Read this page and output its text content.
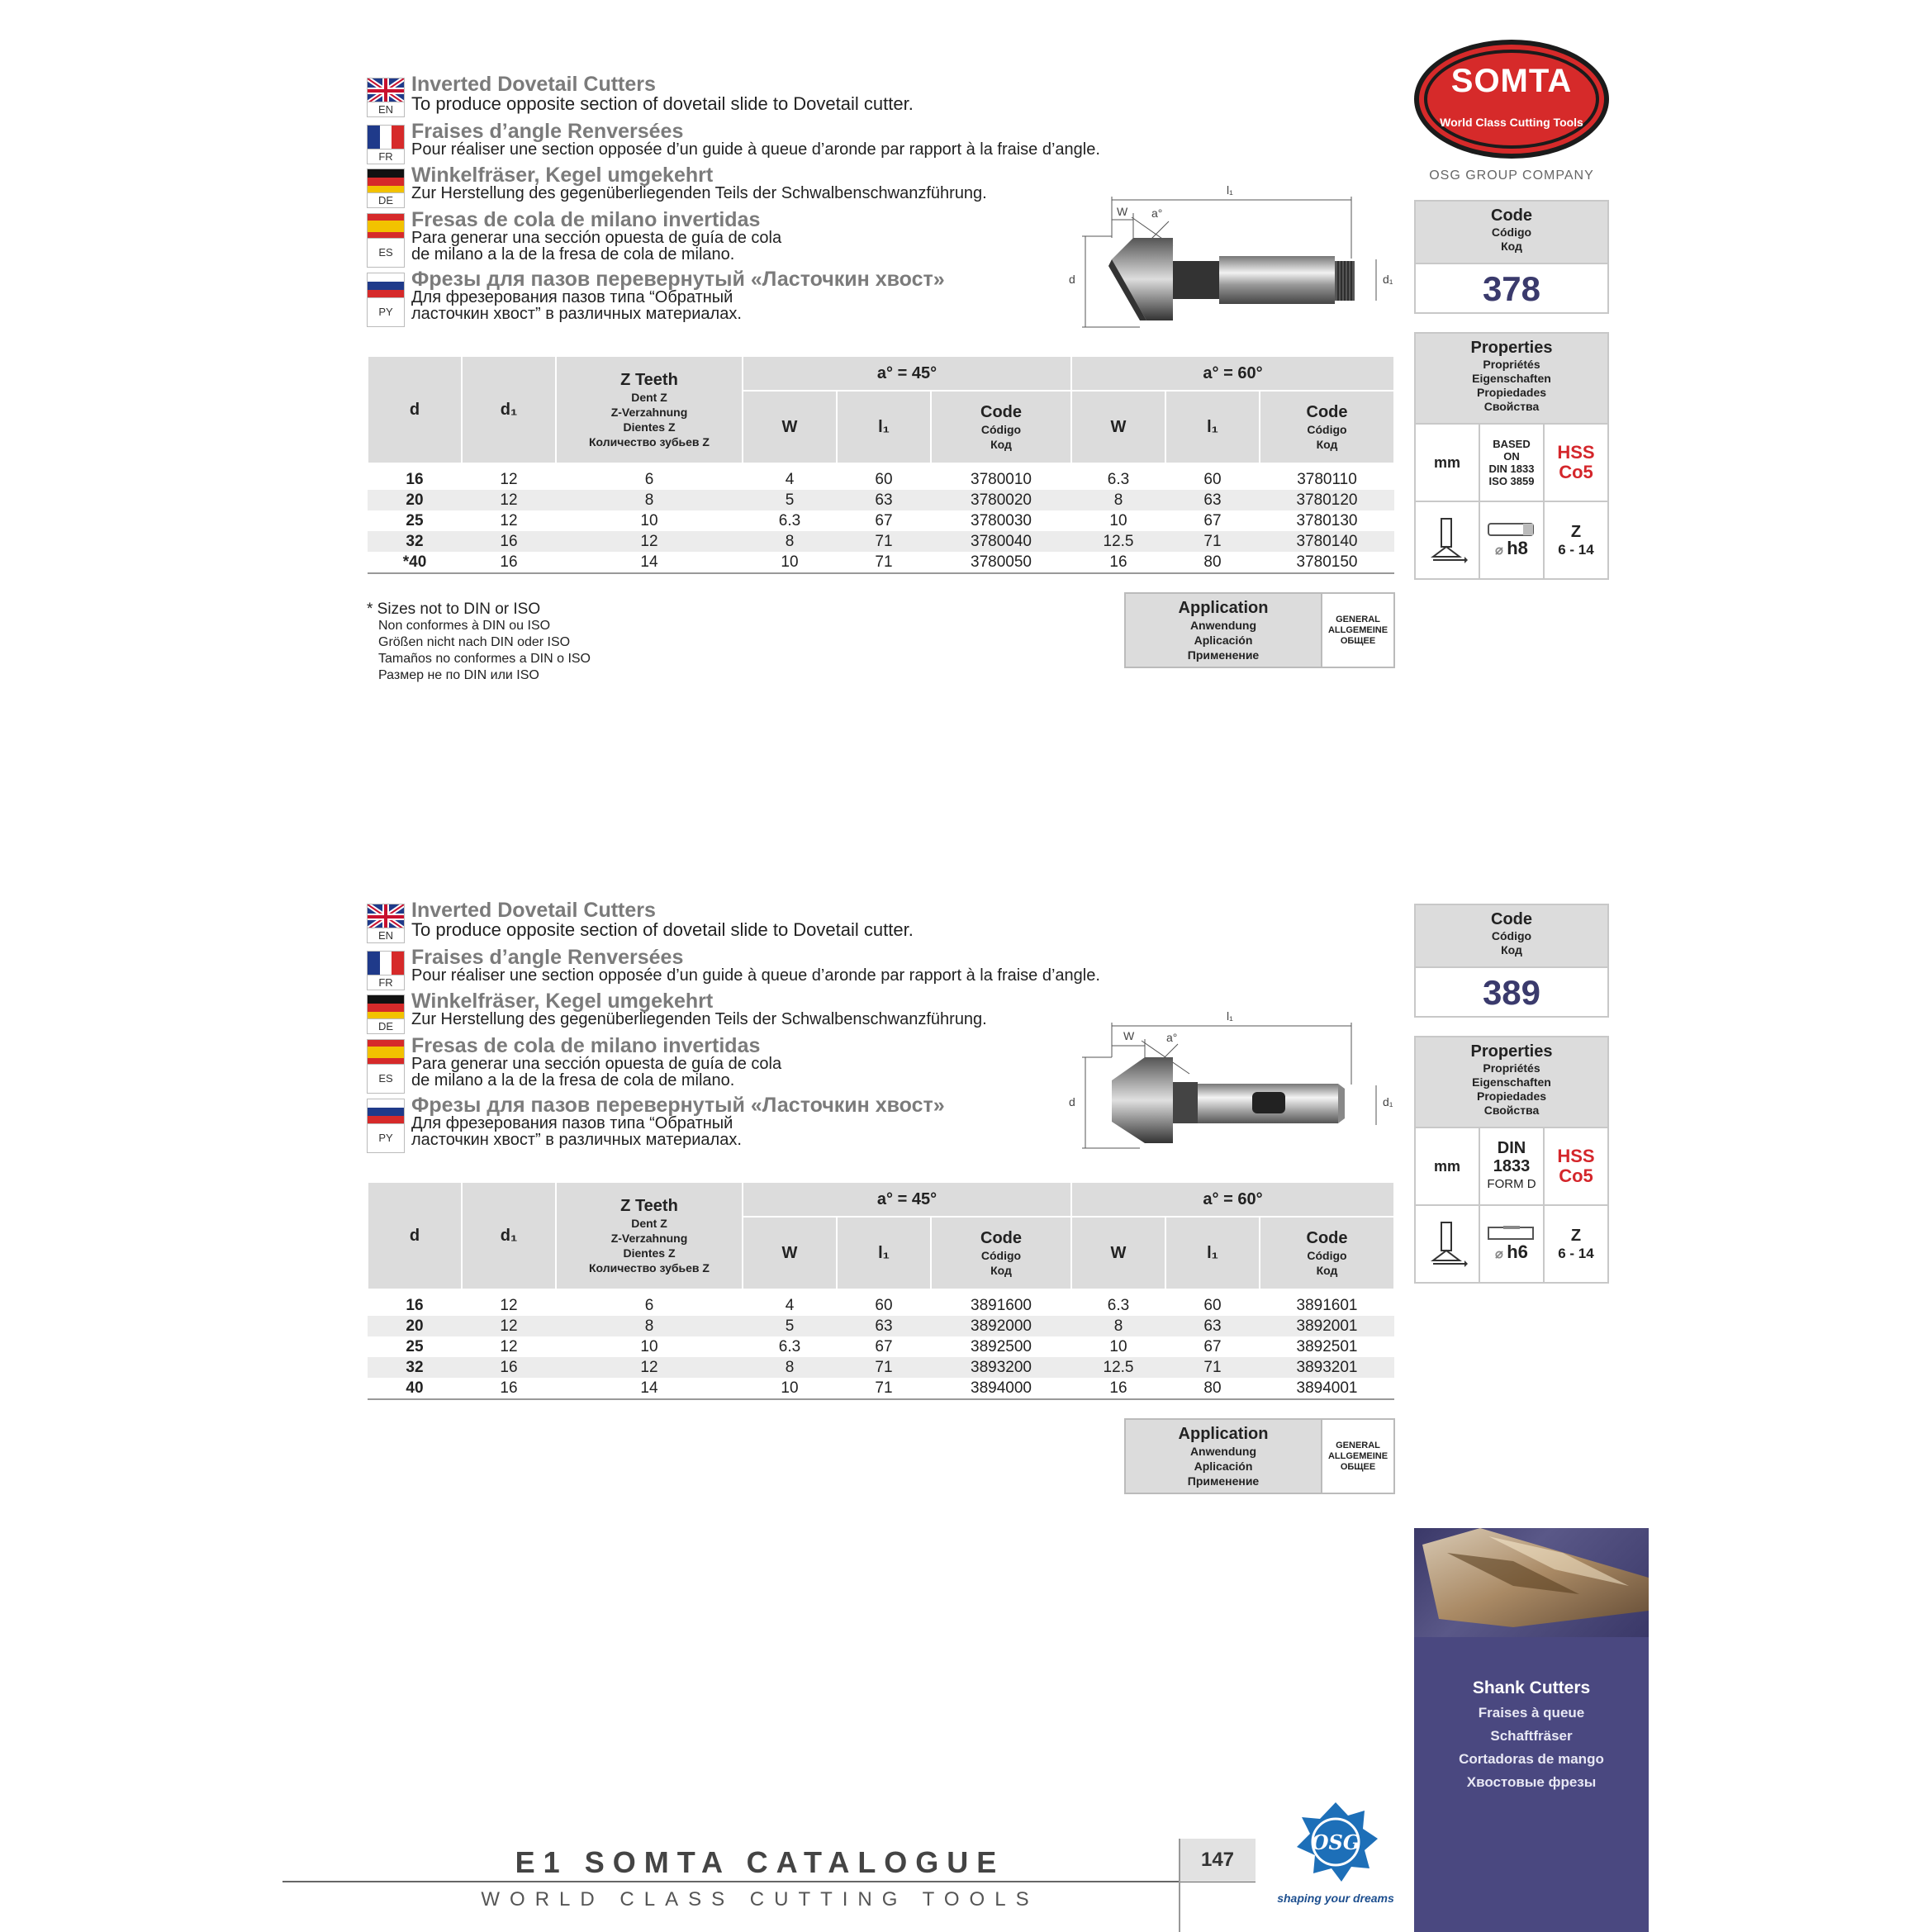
SOMTA
World Class Cutting Tools
OSG GROUP COMPANY
EN
Inverted Dovetail Cutters
To produce opposite section of dovetail slide to Dovetail cutter.
FR
Fraises d’angle Renversées
Pour réaliser une section opposée d’un guide à queue d’aronde par rapport à la fraise d’angle.
DE
Winkelfräser, Kegel umgekehrt
Zur Herstellung des gegenüberliegenden Teils der Schwalbenschwanzführung.
ES
Fresas de cola de milano invertidas
Para generar una sección opuesta de guía de cola
de milano a la de la fresa de cola de milano.
PY
Фрезы для пазов перевернутый «Ласточкин хвост»
Для фрезерования пазов типа “Обратный
ласточкин хвост” в различных материалах.
l₁
W a°
d	d₁
Code
Código
Код
378
Properties
Propriétés
Eigenschaften
Propiedades
Свойства
mm
BASED
ON
DIN 1833
ISO 3859
HSS
Co5
⌀ h8
Z
6 - 14
d	d₁	Z Teeth
Dent Z
Z-Verzahnung
Dientes Z
Количество зубьев Z	a° = 45°			a° = 60°		
			W	l₁	Code
Código
Код	W	l₁	Code
Código
Код

16	12	6	4	60	3780010	6.3	60	3780110
20	12	8	5	63	3780020	8	63	3780120
25	12	10	6.3	67	3780030	10	67	3780130
32	16	12	8	71	3780040	12.5	71	3780140
*40	16	14	10	71	3780050	16	80	3780150
* Sizes not to DIN or ISO
Non conformes à DIN ou ISO
Größen nicht nach DIN oder ISO
Tamaños no conformes a DIN o ISO
Размер не по DIN или ISO
Application
Anwendung
Aplicación
Применение
GENERAL
ALLGEMEINE
ОБЩЕЕ
EN
Inverted Dovetail Cutters
To produce opposite section of dovetail slide to Dovetail cutter.
FR
Fraises d’angle Renversées
Pour réaliser une section opposée d’un guide à queue d’aronde par rapport à la fraise d’angle.
DE
Winkelfräser, Kegel umgekehrt
Zur Herstellung des gegenüberliegenden Teils der Schwalbenschwanzführung.
ES
Fresas de cola de milano invertidas
Para generar una sección opuesta de guía de cola
de milano a la de la fresa de cola de milano.
PY
Фрезы для пазов перевернутый «Ласточкин хвост»
Для фрезерования пазов типа “Обратный
ласточкин хвост” в различных материалах.
l₁
W	a°
d	d₁
Code
Código
Код
389
Properties
Propriétés
Eigenschaften
Propiedades
Свойства
mm
DIN
1833
FORM D
HSS
Co5
⌀ h6
Z
6 - 14
d	d₁	Z Teeth
Dent Z
Z-Verzahnung
Dientes Z
Количество зубьев Z	a° = 45°			a° = 60°		
			W	l₁	Code
Código
Код	W	l₁	Code
Código
Код

16	12	6	4	60	3891600	6.3	60	3891601
20	12	8	5	63	3892000	8	63	3892001
25	12	10	6.3	67	3892500	10	67	3892501
32	16	12	8	71	3893200	12.5	71	3893201
40	16	14	10	71	3894000	16	80	3894001
Application
Anwendung
Aplicación
Применение
GENERAL
ALLGEMEINE
ОБЩЕЕ
Shank Cutters
Fraises à queue
Schaftfräser
Cortadoras de mango
Хвостовые фрезы
E1 SOMTA CATALOGUE
WORLD CLASS CUTTING TOOLS
147
OSG
shaping your dreams
